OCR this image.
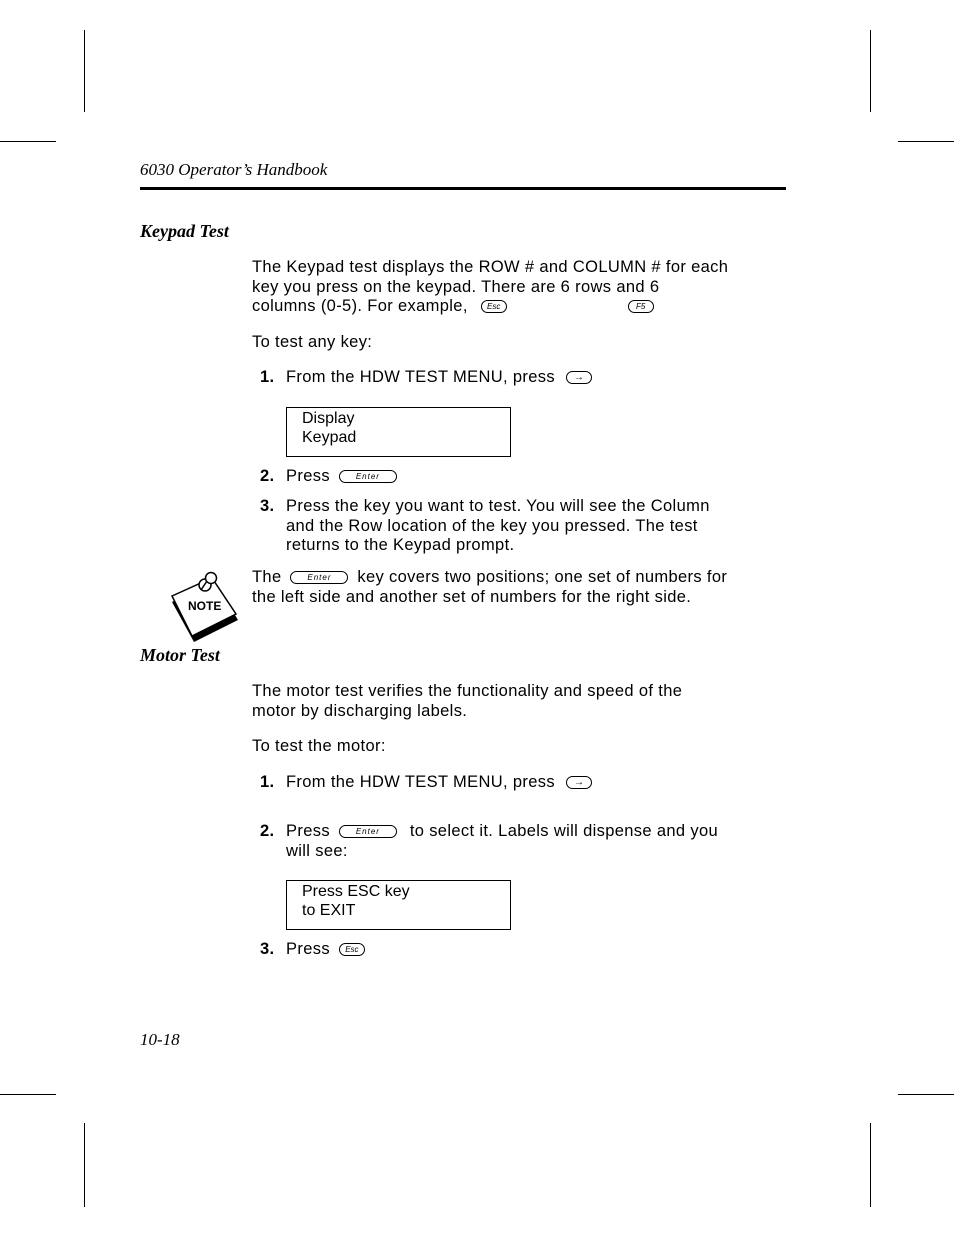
6030 Operator’s Handbook
Keypad Test
The Keypad test displays the ROW # and COLUMN # for each
key you press on the keypad. There are 6 rows and 6
columns (0-5). For example, Esc	F5
To test any key:
1. From the HDW TEST MENU, press →
Display
Keypad
2. Press	Enter
3. Press the key you want to test. You will see the Column
and the Row location of the key you pressed. The test
returns to the Keypad prompt.
NOTE
The	Enter key covers two positions; one set of numbers for
the left side and another set of numbers for the right side.
Motor Test
The motor test verifies the functionality and speed of the
motor by discharging labels.
To test the motor:
1. From the HDW TEST MENU, press →
2. Press	Enter to select it. Labels will dispense and you
will see:
Press ESC key
to EXIT
3. Press Esc
10-18
